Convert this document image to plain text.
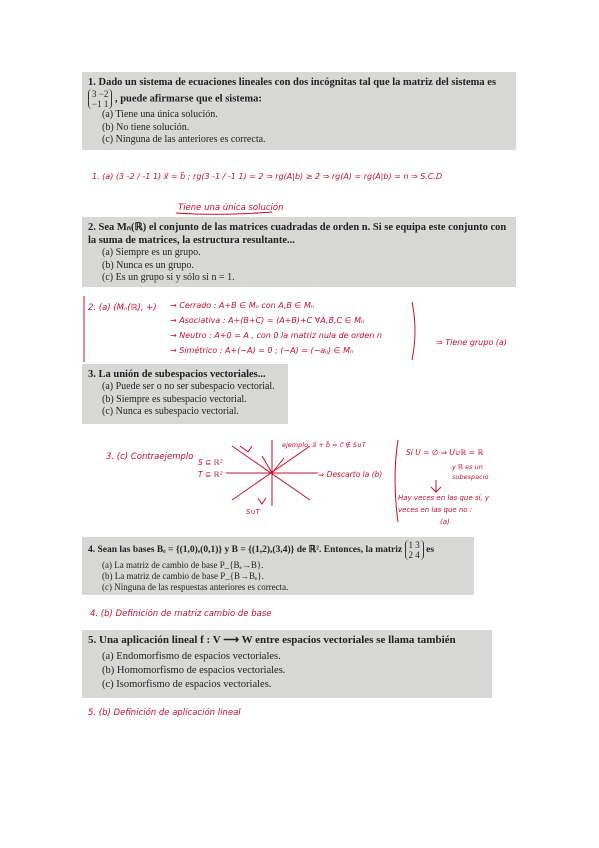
1. Dado un sistema de ecuaciones lineales con dos incógnitas tal que la matriz del sistema es

3 −2
−1 1 , puede afirmarse que el sistema:

(a) Tiene una única solución.

(b) No tiene solución.

(c) Ninguna de las anteriores es correcta.

1. (a) (3 -2 / -1 1) x⃗ = b⃗ ; rg(3 -1 / -1 1) = 2 ⇒ rg(A|b) ≥ 2 ⇒ rg(A) = rg(A|b) = n ⇒ S.C.D
Tiene una única solución

2. Sea Mₙ(ℝ) el conjunto de las matrices cuadradas de orden n. Si se equipa este conjunto con la suma de matrices, la estructura resultante...

(a) Siempre es un grupo.

(b) Nunca es un grupo.

(c) Es un grupo si y sólo si n = 1.

2. (a) (Mₙ(ℝ), +) → Cerrado : A+B ∈ Mₙ con A,B ∈ Mₙ
→ Asociativa : A+(B+C) = (A+B)+C ∀A,B,C ∈ Mₙ
→ Neutro : A+0 = A , con 0 la matriz nula de orden n
→ Simétrico : A+(−A) = 0 ; (−A) = (−aᵢⱼ) ∈ Mₙ
⇒ Tiene grupo (a)

3. La unión de subespacios vectoriales...

(a) Puede ser o no ser subespacio vectorial.

(b) Siempre es subespacio vectorial.

(c) Nunca es subespacio vectorial.

3. (c) Contraejemplo
S ⊆ ℝ²
T ⊆ ℝ²
ejemplo: a⃗ + b⃗ = c⃗ ∉ S∪T
S∪T
⇒ Descarto la (b)
Si U = ∅ ⇒ U∪ℝ = ℝ
y ℝ es un
subespacio
Hay veces en las que sí, y
veces en las que no :
(a)

4. Sean las bases Bₑ = {(1,0),(0,1)} y B = {(1,2),(3,4)} de ℝ². Entonces, la matriz
1 3
2 4 es

(a) La matriz de cambio de base P_{Bₑ→B}.

(b) La matriz de cambio de base P_{B→Bₑ}.

(c) Ninguna de las respuestas anteriores es correcta.

4. (b) Definición de matriz cambio de base

5. Una aplicación lineal f : V ⟶ W entre espacios vectoriales se llama también

(a) Endomorfismo de espacios vectoriales.

(b) Homomorfismo de espacios vectoriales.

(c) Isomorfismo de espacios vectoriales.

5. (b) Definición de aplicación lineal
